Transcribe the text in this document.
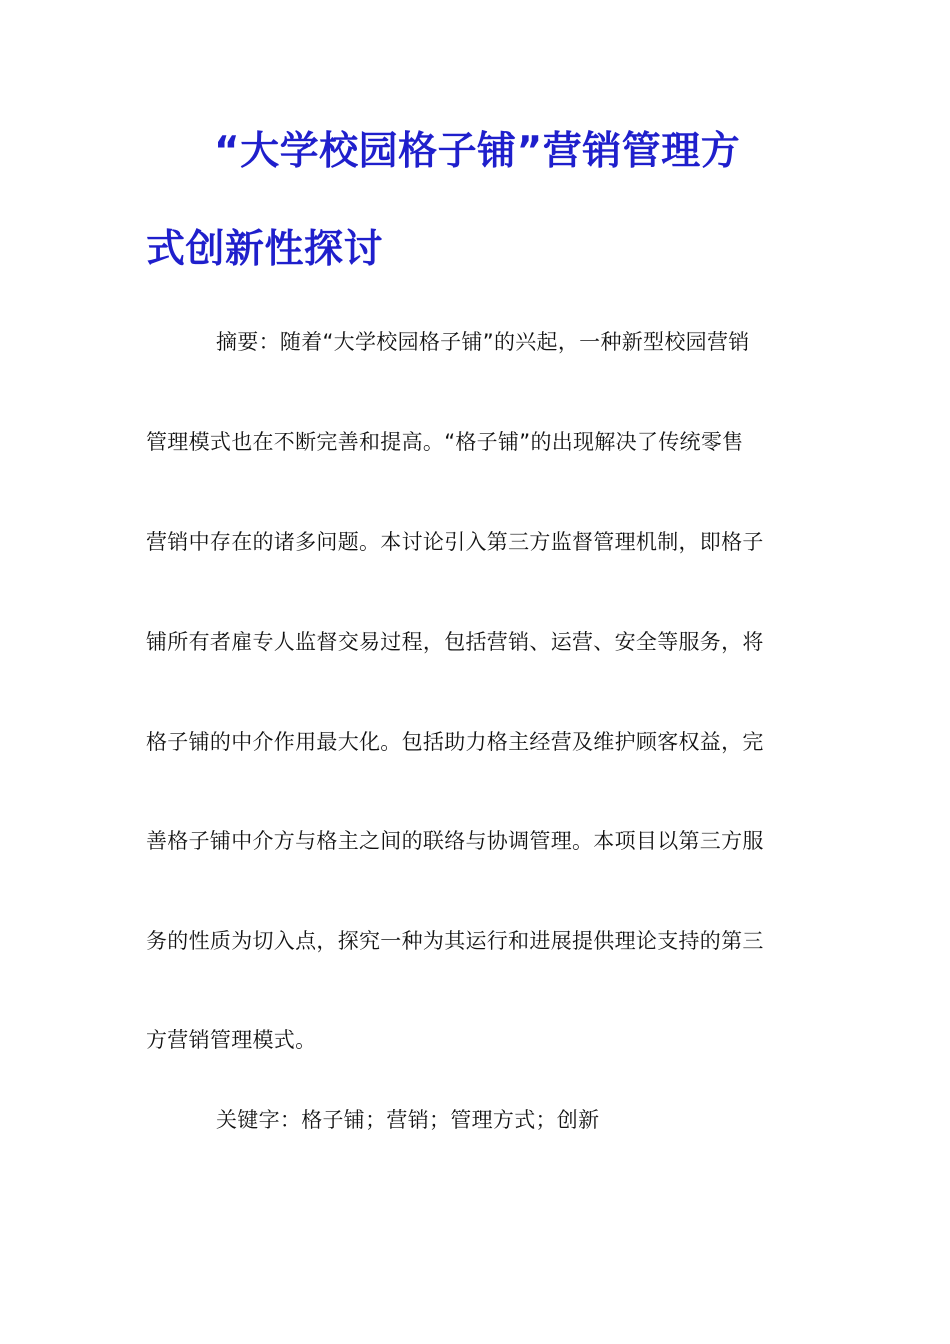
“大学校园格子铺”营销管理方
式创新性探讨
摘要：随着“大学校园格子铺”的兴起，一种新型校园营销
管理模式也在不断完善和提高。“格子铺”的出现解决了传统零售
营销中存在的诸多问题。本讨论引入第三方监督管理机制，即格子
铺所有者雇专人监督交易过程，包括营销、运营、安全等服务，将
格子铺的中介作用最大化。包括助力格主经营及维护顾客权益，完
善格子铺中介方与格主之间的联络与协调管理。本项目以第三方服
务的性质为切入点，探究一种为其运行和进展提供理论支持的第三
方营销管理模式。
关键字：格子铺；营销；管理方式；创新
